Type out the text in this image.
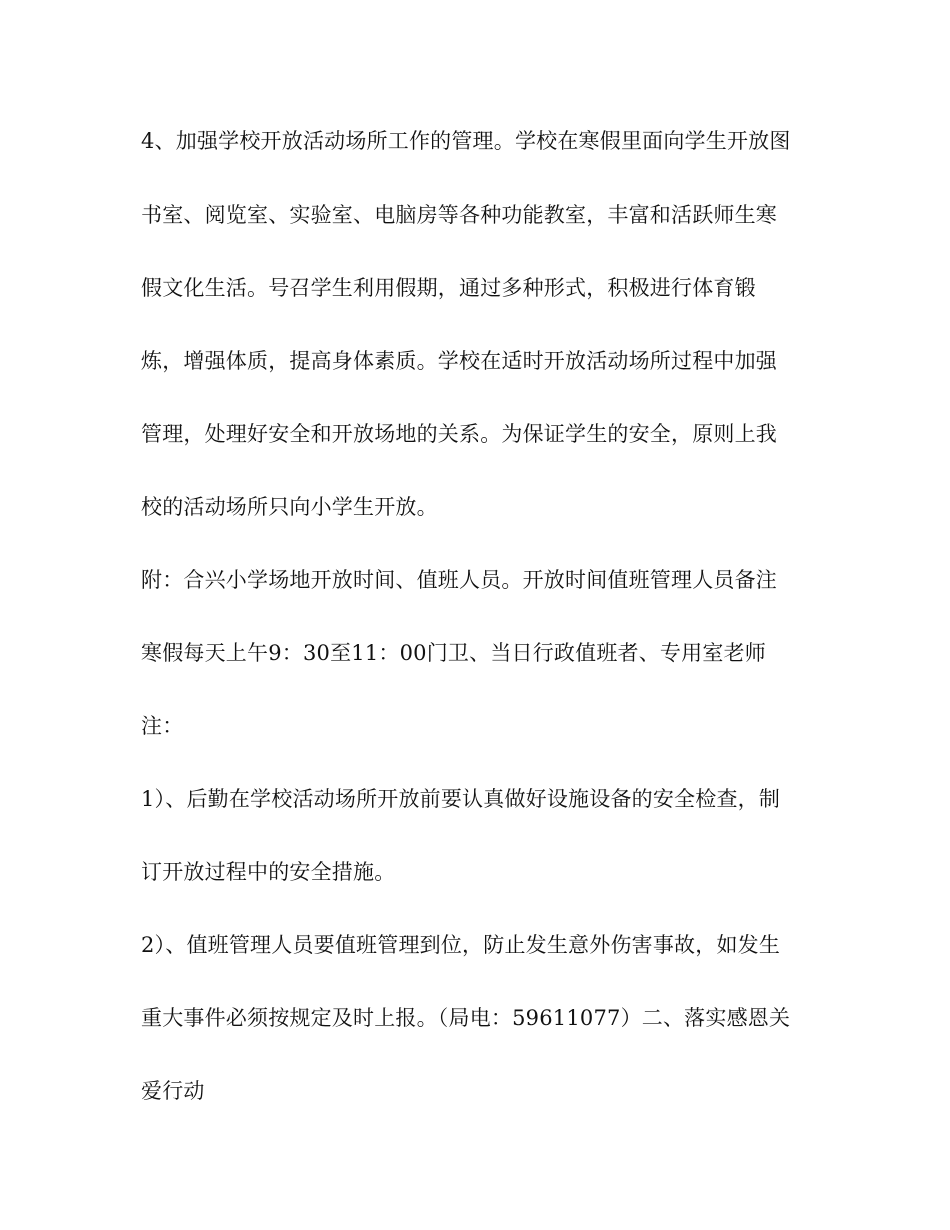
4、加强学校开放活动场所工作的管理。学校在寒假里面向学生开放图
书室、阅览室、实验室、电脑房等各种功能教室，丰富和活跃师生寒
假文化生活。号召学生利用假期，通过多种形式，积极进行体育锻
炼，增强体质，提高身体素质。学校在适时开放活动场所过程中加强
管理，处理好安全和开放场地的关系。为保证学生的安全，原则上我
校的活动场所只向小学生开放。
附：合兴小学场地开放时间、值班人员。开放时间值班管理人员备注
寒假每天上午9：30至11：00门卫、当日行政值班者、专用室老师
注：
1）、后勤在学校活动场所开放前要认真做好设施设备的安全检查，制
订开放过程中的安全措施。
2）、值班管理人员要值班管理到位，防止发生意外伤害事故，如发生
重大事件必须按规定及时上报。（局电：59611077）二、落实感恩关
爱行动
